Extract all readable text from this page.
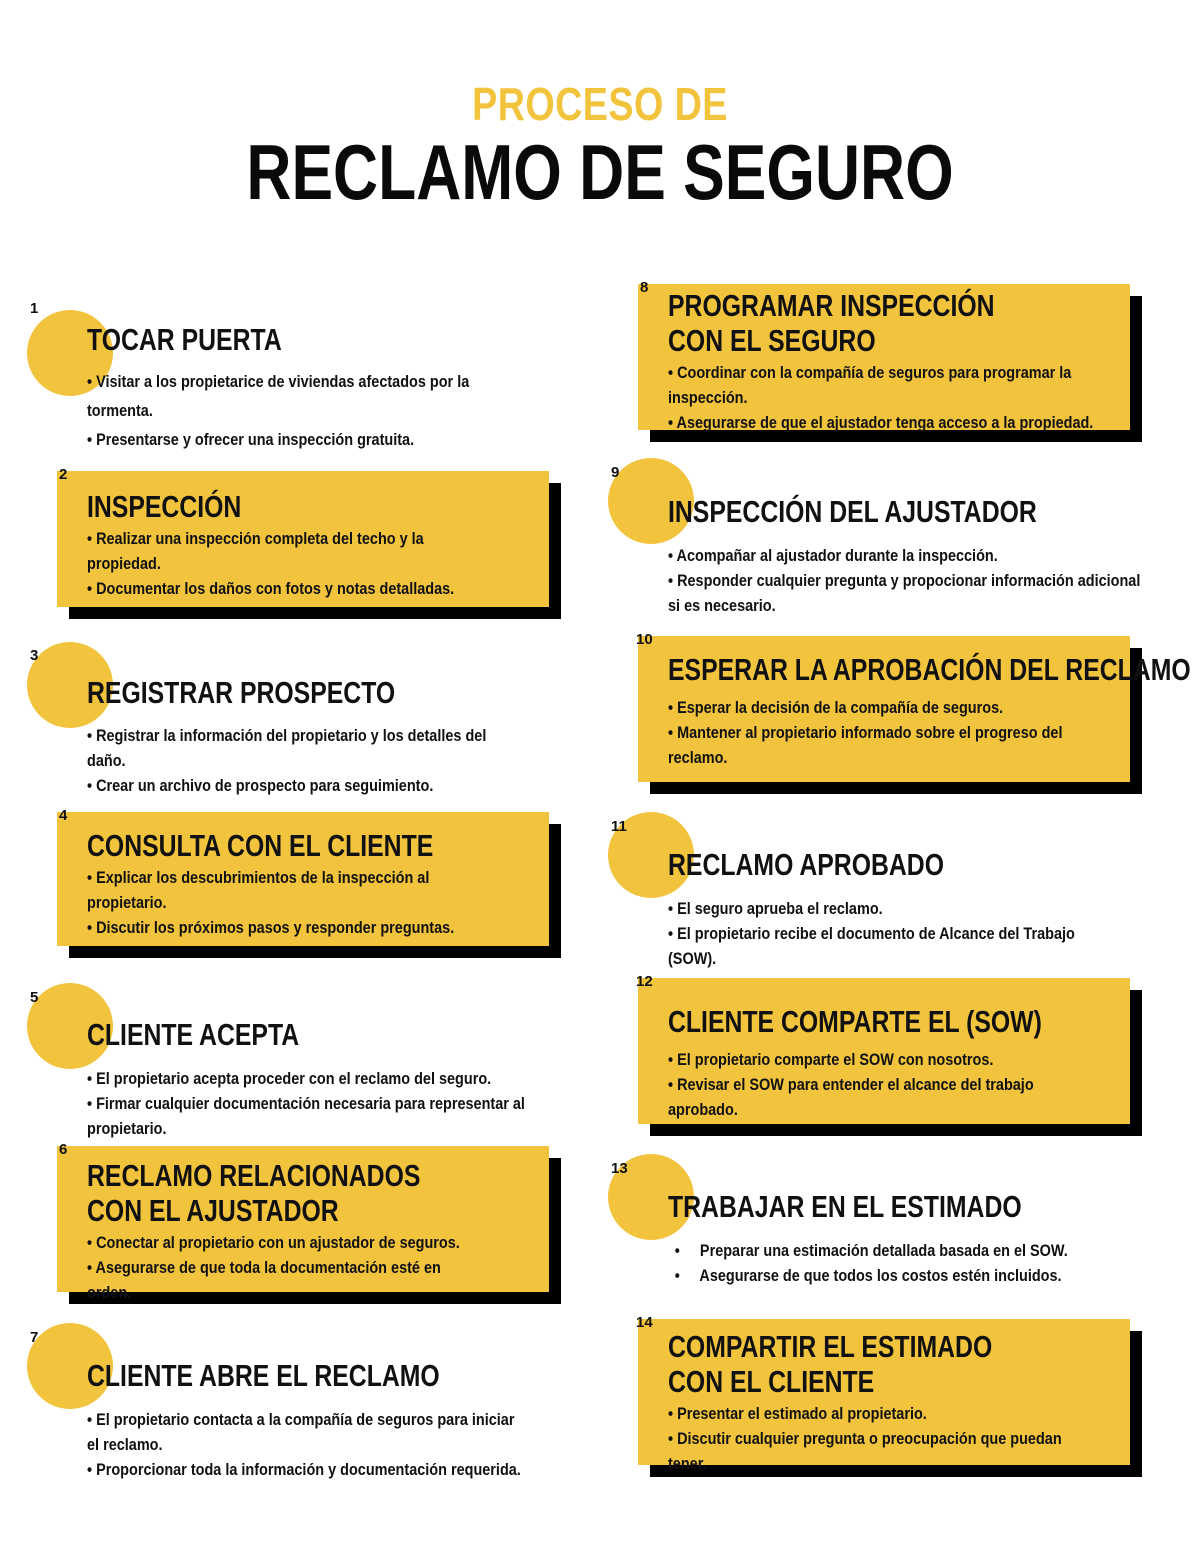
PROCESO DE
RECLAMO DE SEGURO
1
TOCAR PUERTA
• Visitar a los propietarice de viviendas afectados por la tormenta.
• Presentarse y ofrecer una inspección gratuita.
2
INSPECCIÓN
• Realizar una inspección completa del techo y la propiedad.
• Documentar los daños con fotos y notas detalladas.
3
REGISTRAR PROSPECTO
• Registrar la información del propietario y los detalles del daño.
• Crear un archivo de prospecto para seguimiento.
4
CONSULTA CON EL CLIENTE
• Explicar los descubrimientos de la inspección al propietario.
• Discutir los próximos pasos y responder preguntas.
5
CLIENTE ACEPTA
• El propietario acepta proceder con el reclamo del seguro.
• Firmar cualquier documentación necesaria para representar al propietario.
6
RECLAMO RELACIONADOS CON EL AJUSTADOR
• Conectar al propietario con un ajustador de seguros.
• Asegurarse de que toda la documentación esté en orden.
7
CLIENTE ABRE EL RECLAMO
• El propietario contacta a la compañía de seguros para iniciar el reclamo.
• Proporcionar toda la información y documentación requerida.
8
PROGRAMAR INSPECCIÓN CON EL SEGURO
• Coordinar con la compañía de seguros para programar la inspección.
• Asegurarse de que el ajustador tenga acceso a la propiedad.
9
INSPECCIÓN DEL AJUSTADOR
• Acompañar al ajustador durante la inspección.
• Responder cualquier pregunta y propocionar información adicional si es necesario.
10
ESPERAR LA APROBACIÓN DEL RECLAMO
• Esperar la decisión de la compañía de seguros.
• Mantener al propietario informado sobre el progreso del reclamo.
11
RECLAMO APROBADO
• El seguro aprueba el reclamo.
• El propietario recibe el documento de Alcance del Trabajo (SOW).
12
CLIENTE COMPARTE EL (SOW)
• El propietario comparte el SOW con nosotros.
• Revisar el SOW para entender el alcance del trabajo aprobado.
13
TRABAJAR EN EL ESTIMADO
•     Preparar una estimación detallada basada en el SOW.
•     Asegurarse de que todos los costos estén incluidos.
14
COMPARTIR EL ESTIMADO CON EL CLIENTE
• Presentar el estimado al propietario.
• Discutir cualquier pregunta o preocupación que puedan tener.
